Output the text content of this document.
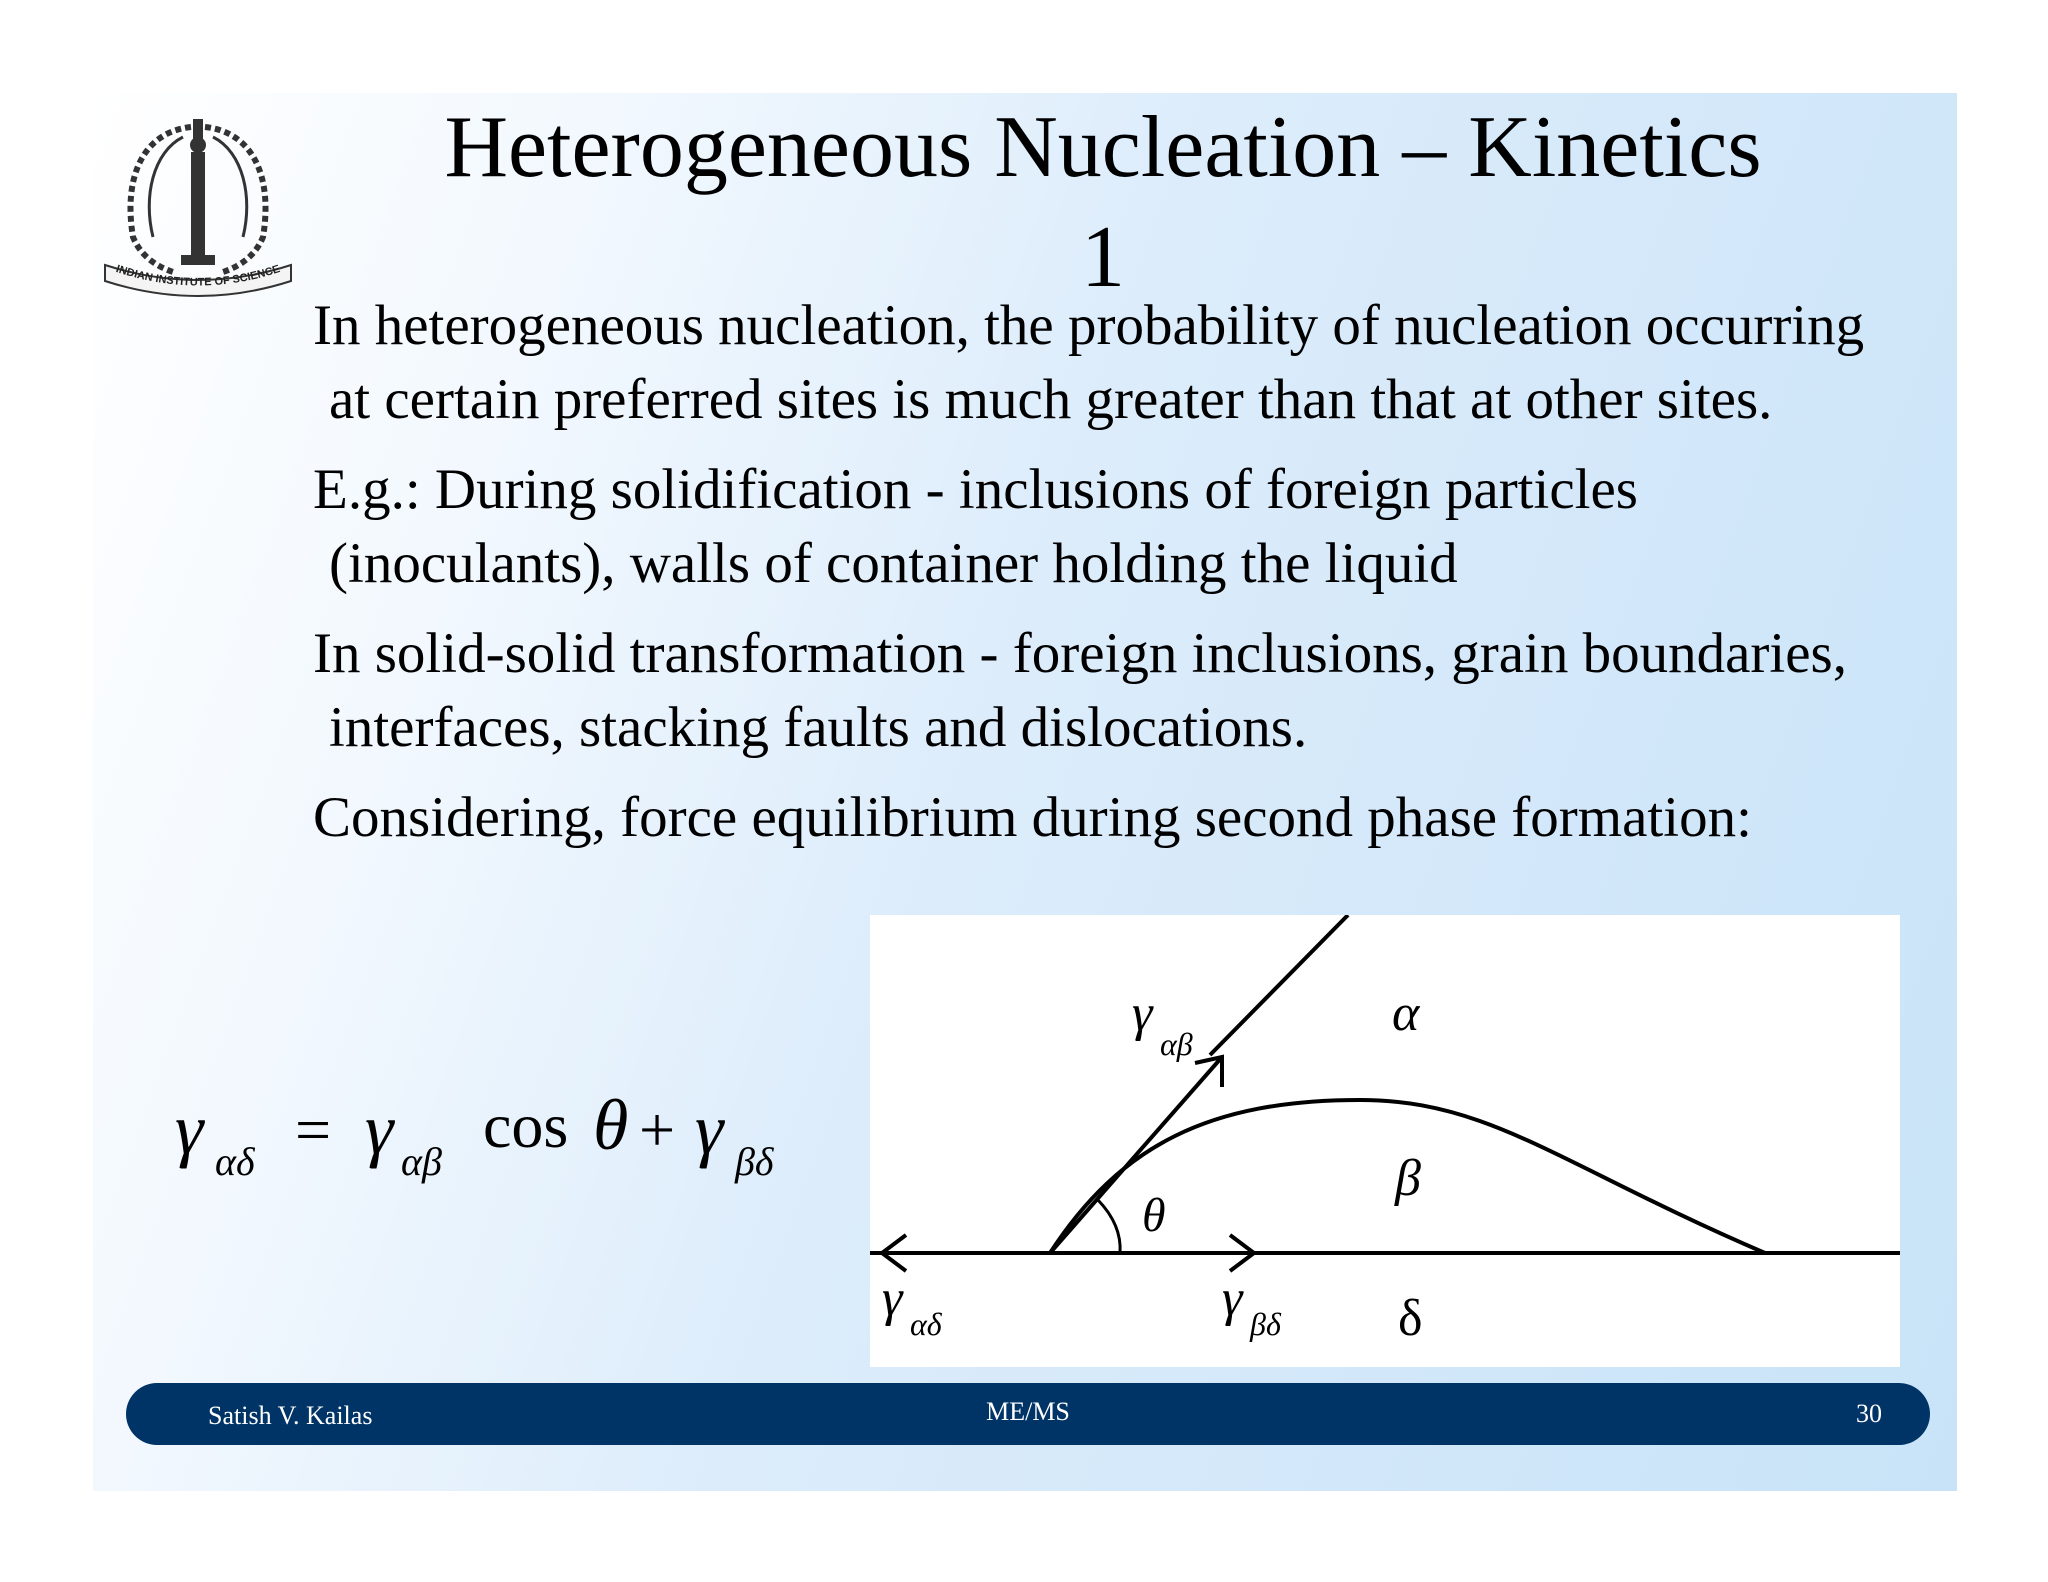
INDIAN INSTITUTE OF SCIENCE
Heterogeneous Nucleation – Kinetics
1

In heterogeneous nucleation, the probability of nucleation occurring at certain preferred sites is much greater than that at other sites.

E.g.: During solidification - inclusions of foreign particles (inoculants), walls of container holding the liquid

In solid-solid transformation - foreign inclusions, grain boundaries, interfaces, stacking faults and dislocations.

Considering, force equilibrium during second phase formation:

γ αδ = γ αβ
cos θ + γ βδ
α
β
δ
θ
γ
αβ
γ αδ	γ βδ
Satish V. Kailas	ME/MS	30
